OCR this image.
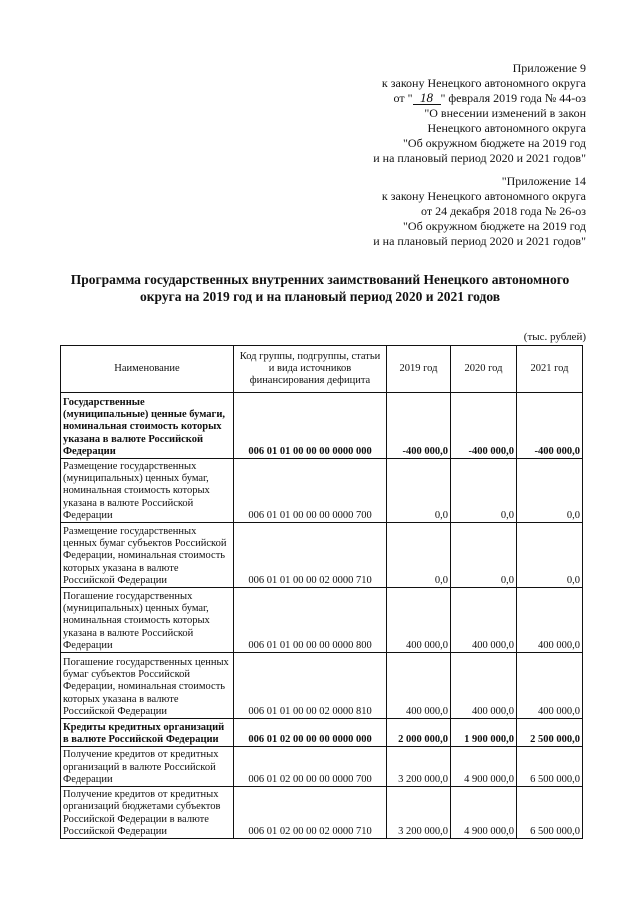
Приложение 9
к закону Ненецкого автономного округа
от " 18 " февраля 2019 года № 44-оз
"О внесении изменений в закон
Ненецкого автономного округа
"Об окружном бюджете на 2019 год
и на плановый период 2020 и 2021 годов"
"Приложение 14
к закону Ненецкого автономного округа
от 24 декабря 2018 года № 26-оз
"Об окружном бюджете на 2019 год
и на плановый период 2020 и 2021 годов"
Программа государственных внутренних заимствований Ненецкого автономного
округа на 2019 год и на плановый период 2020 и 2021 годов
(тыс. рублей)
Наименование	Код группы, подгруппы, статьи и вида источников финансирования дефицита	2019 год	2020 год	2021 год
Государственные (муниципальные) ценные бумаги, номинальная стоимость которых указана в валюте Российской Федерации	006 01 01 00 00 00 0000 000	-400 000,0	-400 000,0	-400 000,0
Размещение государственных (муниципальных) ценных бумаг, номинальная стоимость которых указана в валюте Российской Федерации	006 01 01 00 00 00 0000 700	0,0	0,0	0,0
Размещение государственных ценных бумаг субъектов Российской Федерации, номинальная стоимость которых указана в валюте Российской Федерации	006 01 01 00 00 02 0000 710	0,0	0,0	0,0
Погашение государственных (муниципальных) ценных бумаг, номинальная стоимость которых указана в валюте Российской Федерации	006 01 01 00 00 00 0000 800	400 000,0	400 000,0	400 000,0
Погашение государственных ценных бумаг субъектов Российской Федерации, номинальная стоимость которых указана в валюте Российской Федерации	006 01 01 00 00 02 0000 810	400 000,0	400 000,0	400 000,0
Кредиты кредитных организаций в валюте Российской Федерации	006 01 02 00 00 00 0000 000	2 000 000,0	1 900 000,0	2 500 000,0
Получение кредитов от кредитных организаций в валюте Российской Федерации	006 01 02 00 00 00 0000 700	3 200 000,0	4 900 000,0	6 500 000,0
Получение кредитов от кредитных организаций бюджетами субъектов Российской Федерации в валюте Российской Федерации	006 01 02 00 00 02 0000 710	3 200 000,0	4 900 000,0	6 500 000,0
